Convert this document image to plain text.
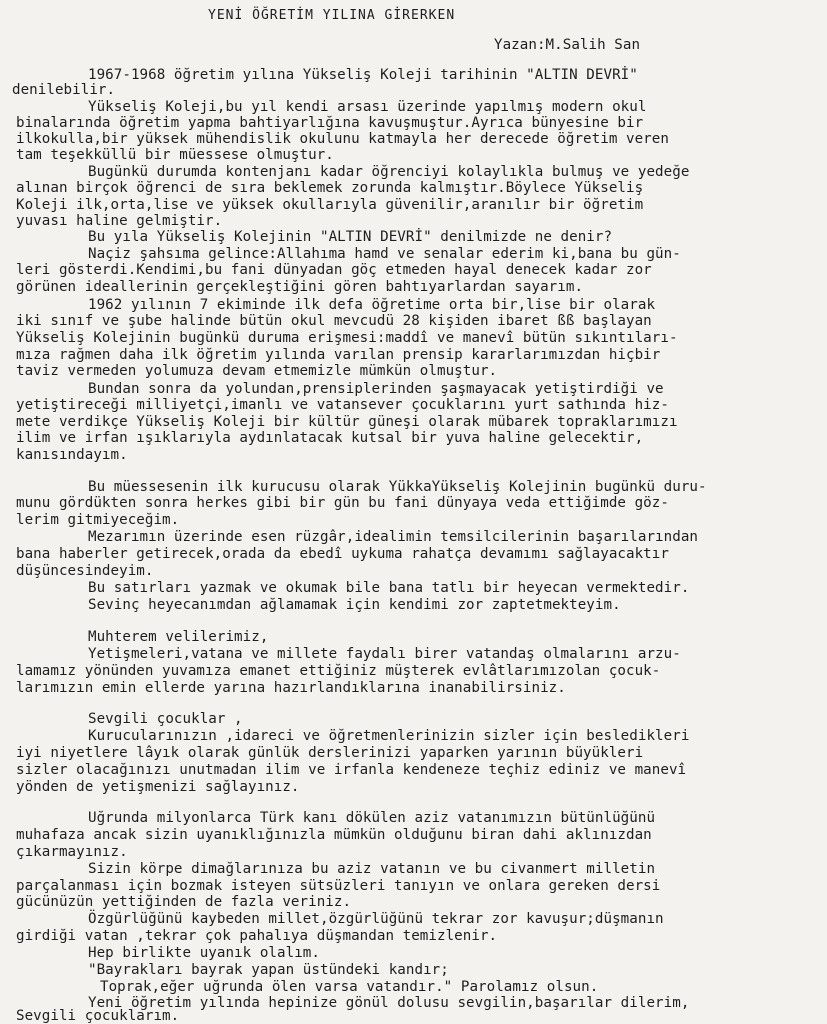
YENİ ÖĞRETİM YILINA GİRERKEN
Yazan:M.Salih San
1967-1968 öğretim yılına Yükseliş Koleji tarihinin "ALTIN DEVRİ"
denilebilir.
Yükseliş Koleji,bu yıl kendi arsası üzerinde yapılmış modern okul
binalarında öğretim yapma bahtiyarlığına kavuşmuştur.Ayrıca bünyesine bir
ilkokulla,bir yüksek mühendislik okulunu katmayla her derecede öğretim veren
tam teşekküllü bir müessese olmuştur.
Bugünkü durumda kontenjanı kadar öğrenciyi kolaylıkla bulmuş ve yedeğe
alınan birçok öğrenci de sıra beklemek zorunda kalmıştır.Böylece Yükseliş
Koleji ilk,orta,lise ve yüksek okullarıyla güvenilir,aranılır bir öğretim
yuvası haline gelmiştir.
Bu yıla Yükseliş Kolejinin "ALTIN DEVRİ" denilmizde ne denir?
Naçiz şahsıma gelince:Allahıma hamd ve senalar ederim ki,bana bu gün-
leri gösterdi.Kendimi,bu fani dünyadan göç etmeden hayal denecek kadar zor
görünen ideallerinin gerçekleştiğini gören bahtıyarlardan sayarım.
1962 yılının 7 ekiminde ilk defa öğretime orta bir,lise bir olarak
iki sınıf ve şube halinde bütün okul mevcudü 28 kişiden ibaret ßß başlayan
Yükseliş Kolejinin bugünkü duruma erişmesi:maddî ve manevî bütün sıkıntıları-
mıza rağmen daha ilk öğretim yılında varılan prensip kararlarımızdan hiçbir
taviz vermeden yolumuza devam etmemizle mümkün olmuştur.
Bundan sonra da yolundan,prensiplerinden şaşmayacak yetiştirdiği ve
yetiştireceği milliyetçi,imanlı ve vatansever çocuklarını yurt sathında hiz-
mete verdikçe Yükseliş Koleji bir kültür güneşi olarak mübarek topraklarımızı
ilim ve irfan ışıklarıyla aydınlatacak kutsal bir yuva haline gelecektir,
kanısındayım.
Bu müessesenin ilk kurucusu olarak YükkaYükseliş Kolejinin bugünkü duru-
munu gördükten sonra herkes gibi bir gün bu fani dünyaya veda ettiğimde göz-
lerim gitmiyeceğim.
Mezarımın üzerinde esen rüzgâr,idealimin temsilcilerinin başarılarından
bana haberler getirecek,orada da ebedî uykuma rahatça devamımı sağlayacaktır
düşüncesindeyim.
Bu satırları yazmak ve okumak bile bana tatlı bir heyecan vermektedir.
Sevinç heyecanımdan ağlamamak için kendimi zor zaptetmekteyim.
Muhterem velilerimiz,
Yetişmeleri,vatana ve millete faydalı birer vatandaş olmalarını arzu-
lamamız yönünden yuvamıza emanet ettiğiniz müşterek evlâtlarımızolan çocuk-
larımızın emin ellerde yarına hazırlandıklarına inanabilirsiniz.
Sevgili çocuklar ,
Kurucularınızın ,idareci ve öğretmenlerinizin sizler için besledikleri
iyi niyetlere lâyık olarak günlük derslerinizi yaparken yarının büyükleri
sizler olacağınızı unutmadan ilim ve irfanla kendeneze teçhiz ediniz ve manevî
yönden de yetişmenizi sağlayınız.
Uğrunda milyonlarca Türk kanı dökülen aziz vatanımızın bütünlüğünü
muhafaza ancak sizin uyanıklığınızla mümkün olduğunu biran dahi aklınızdan
çıkarmayınız.
Sizin körpe dimağlarınıza bu aziz vatanın ve bu civanmert milletin
parçalanması için bozmak isteyen sütsüzleri tanıyın ve onlara gereken dersi
gücünüzün yettiğinden de fazla veriniz.
Özgürlüğünü kaybeden millet,özgürlüğünü tekrar zor kavuşur;düşmanın
girdiği vatan ,tekrar çok pahalıya düşmandan temizlenir.
Hep birlikte uyanık olalım.
"Bayrakları bayrak yapan üstündeki kandır;
Toprak,eğer uğrunda ölen varsa vatandır." Parolamız olsun.
Yeni öğretim yılında hepinize gönül dolusu sevgilin,başarılar dilerim,
Sevgili çocuklarım.
